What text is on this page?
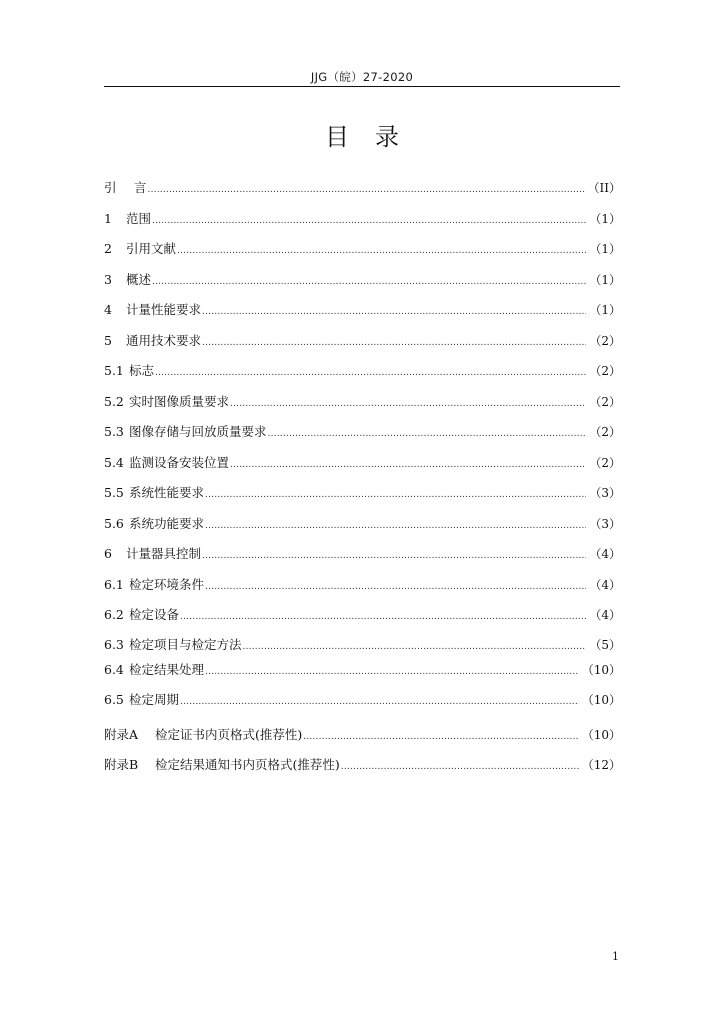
JJG（皖）27-2020
目录
引	言 .....	（II）
1	范围 .....	（1）
2	引用文献 .....	（1）
3	概述 .....	（1）
4	计量性能要求 .....	（1）
5	通用技术要求 .....	（2）
5.1 标志 .....	（2）
5.2 实时图像质量要求 .....	（2）
5.3 图像存储与回放质量要求 .....	（2）
5.4 监测设备安装位置 .....	（2）
5.5 系统性能要求 .....	（3）
5.6 系统功能要求 .....	（3）
6	计量器具控制 .....	（4）
6.1 检定环境条件 .....	（4）
6.2 检定设备 .....	（4）
6.3 检定项目与检定方法 .....	（5）
6.4 检定结果处理 .....	（10）
6.5 检定周期 .....	（10）
附录A	检定证书内页格式(推荐性) .....	（10）
附录B	检定结果通知书内页格式(推荐性) .....	（12）
1
